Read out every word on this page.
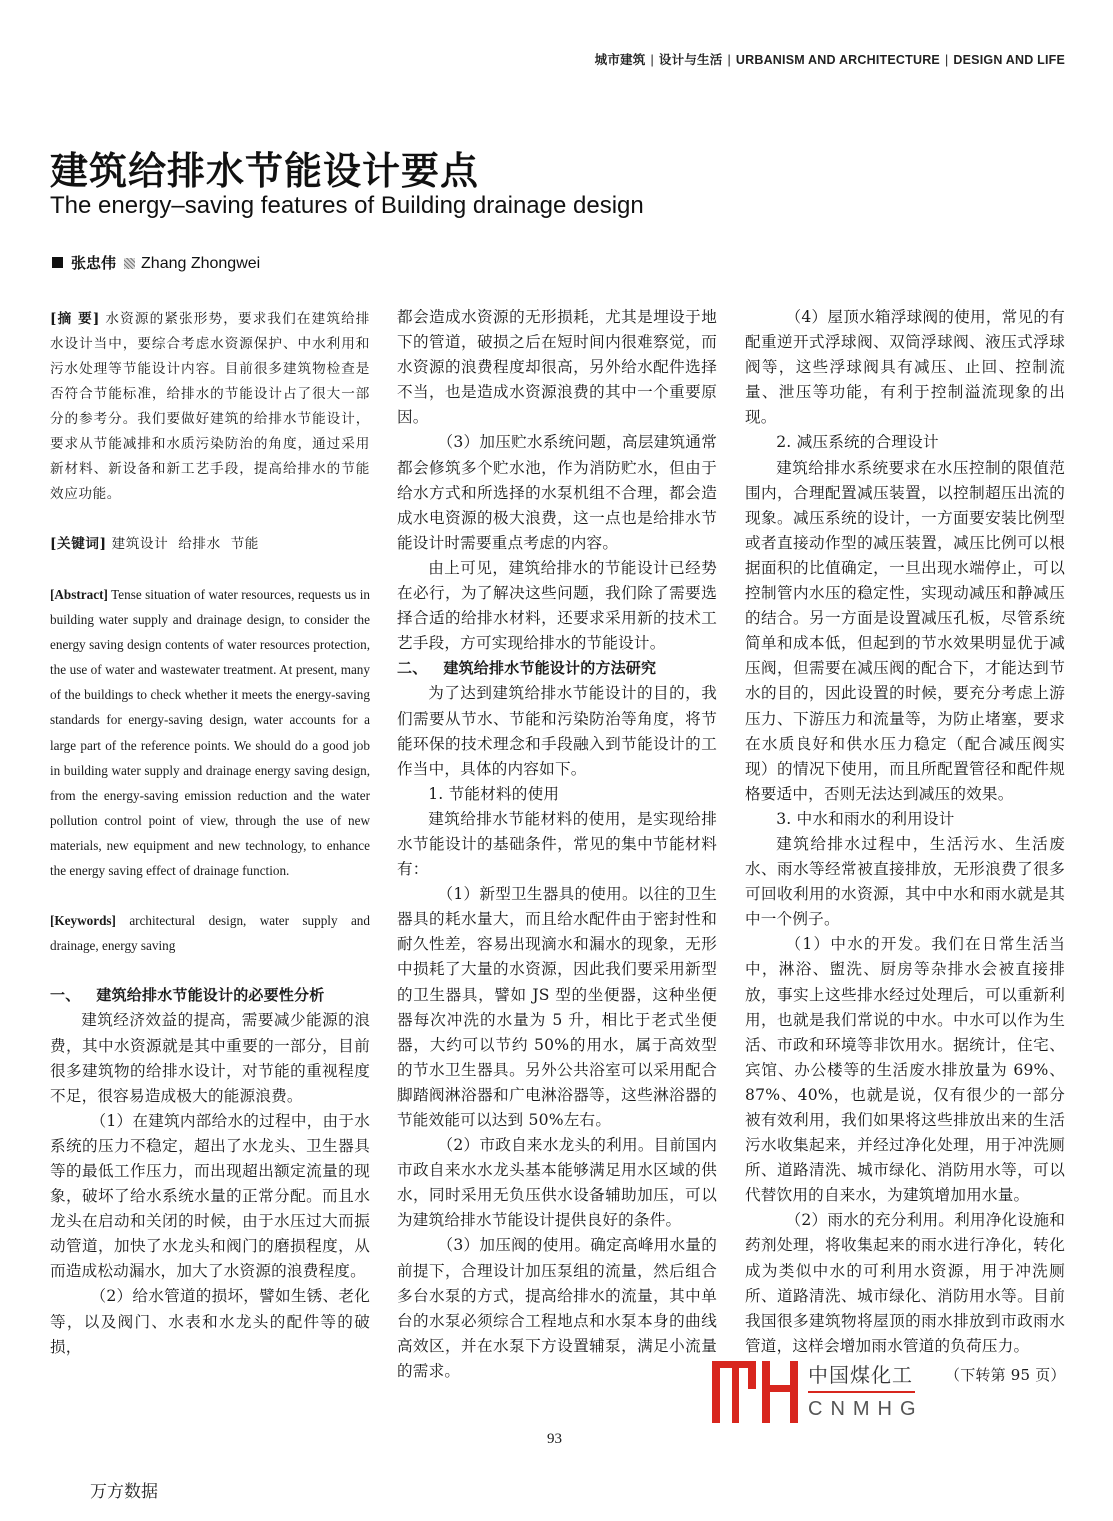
城市建筑 | 设计与生活 | URBANISM AND ARCHITECTURE | DESIGN AND LIFE
建筑给排水节能设计要点
The energy–saving features of Building drainage design
张忠伟 Zhang Zhongwei
[摘 要] 水资源的紧张形势，要求我们在建筑给排水设计当中，要综合考虑水资源保护、中水利用和污水处理等节能设计内容。目前很多建筑物检查是否符合节能标准，给排水的节能设计占了很大一部分的参考分。我们要做好建筑的给排水节能设计，要求从节能减排和水质污染防治的角度，通过采用新材料、新设备和新工艺手段，提高给排水的节能效应功能。
[关键词] 建筑设计  给排水  节能
[Abstract] Tense situation of water resources, requests us in building water supply and drainage design, to consider the energy saving design contents of water resources protection, the use of water and wastewater treatment. At present, many of the buildings to check whether it meets the energy-saving standards for energy-saving design, water accounts for a large part of the reference points. We should do a good job in building water supply and drainage energy saving design, from the energy-saving emission reduction and the water pollution control point of view, through the use of new materials, new equipment and new technology, to enhance the energy saving effect of drainage function.
[Keywords] architectural design, water supply and drainage, energy saving

一、 建筑给排水节能设计的必要性分析

建筑经济效益的提高，需要减少能源的浪费，其中水资源就是其中重要的一部分，目前很多建筑物的给排水设计，对节能的重视程度不足，很容易造成极大的能源浪费。

（1）在建筑内部给水的过程中，由于水系统的压力不稳定，超出了水龙头、卫生器具等的最低工作压力，而出现超出额定流量的现象，破坏了给水系统水量的正常分配。而且水龙头在启动和关闭的时候，由于水压过大而振动管道，加快了水龙头和阀门的磨损程度，从而造成松动漏水，加大了水资源的浪费程度。

（2）给水管道的损坏，譬如生锈、老化等，以及阀门、水表和水龙头的配件等的破损，

都会造成水资源的无形损耗，尤其是埋设于地下的管道，破损之后在短时间内很难察觉，而水资源的浪费程度却很高，另外给水配件选择不当，也是造成水资源浪费的其中一个重要原因。

（3）加压贮水系统问题，高层建筑通常都会修筑多个贮水池，作为消防贮水，但由于给水方式和所选择的水泵机组不合理，都会造成水电资源的极大浪费，这一点也是给排水节能设计时需要重点考虑的内容。

由上可见，建筑给排水的节能设计已经势在必行，为了解决这些问题，我们除了需要选择合适的给排水材料，还要求采用新的技术工艺手段，方可实现给排水的节能设计。

二、 建筑给排水节能设计的方法研究

为了达到建筑给排水节能设计的目的，我们需要从节水、节能和污染防治等角度，将节能环保的技术理念和手段融入到节能设计的工作当中，具体的内容如下。

1. 节能材料的使用

建筑给排水节能材料的使用，是实现给排水节能设计的基础条件，常见的集中节能材料有：

（1）新型卫生器具的使用。以往的卫生器具的耗水量大，而且给水配件由于密封性和耐久性差，容易出现滴水和漏水的现象，无形中损耗了大量的水资源，因此我们要采用新型的卫生器具，譬如 JS 型的坐便器，这种坐便器每次冲洗的水量为 5 升，相比于老式坐便器，大约可以节约 50%的用水，属于高效型的节水卫生器具。另外公共浴室可以采用配合脚踏阀淋浴器和广电淋浴器等，这些淋浴器的节能效能可以达到 50%左右。

（2）市政自来水龙头的利用。目前国内市政自来水水龙头基本能够满足用水区域的供水，同时采用无负压供水设备辅助加压，可以为建筑给排水节能设计提供良好的条件。

（3）加压阀的使用。确定高峰用水量的前提下，合理设计加压泵组的流量，然后组合多台水泵的方式，提高给排水的流量，其中单台的水泵必须综合工程地点和水泵本身的曲线高效区，并在水泵下方设置辅泵，满足小流量的需求。

（4）屋顶水箱浮球阀的使用，常见的有配重逆开式浮球阀、双筒浮球阀、液压式浮球阀等，这些浮球阀具有减压、止回、控制流量、泄压等功能，有利于控制溢流现象的出现。

2. 减压系统的合理设计

建筑给排水系统要求在水压控制的限值范围内，合理配置减压装置，以控制超压出流的现象。减压系统的设计，一方面要安装比例型或者直接动作型的减压装置，减压比例可以根据面积的比值确定，一旦出现水端停止，可以控制管内水压的稳定性，实现动减压和静减压的结合。另一方面是设置减压孔板，尽管系统简单和成本低，但起到的节水效果明显优于减压阀，但需要在减压阀的配合下，才能达到节水的目的，因此设置的时候，要充分考虑上游压力、下游压力和流量等，为防止堵塞，要求在水质良好和供水压力稳定（配合减压阀实现）的情况下使用，而且所配置管径和配件规格要适中，否则无法达到减压的效果。

3. 中水和雨水的利用设计

建筑给排水过程中，生活污水、生活废水、雨水等经常被直接排放，无形浪费了很多可回收利用的水资源，其中中水和雨水就是其中一个例子。

（1）中水的开发。我们在日常生活当中，淋浴、盥洗、厨房等杂排水会被直接排放，事实上这些排水经过处理后，可以重新利用，也就是我们常说的中水。中水可以作为生活、市政和环境等非饮用水。据统计，住宅、宾馆、办公楼等的生活废水排放量为 69%、87%、40%，也就是说，仅有很少的一部分被有效利用，我们如果将这些排放出来的生活污水收集起来，并经过净化处理，用于冲洗厕所、道路清洗、城市绿化、消防用水等，可以代替饮用的自来水，为建筑增加用水量。

（2）雨水的充分利用。利用净化设施和药剂处理，将收集起来的雨水进行净化，转化成为类似中水的可利用水资源，用于冲洗厕所、道路清洗、城市绿化、消防用水等。目前我国很多建筑物将屋顶的雨水排放到市政雨水管道，这样会增加雨水管道的负荷压力。

中国煤化工
CNMHG
（下转第 95 页）
93
万方数据
